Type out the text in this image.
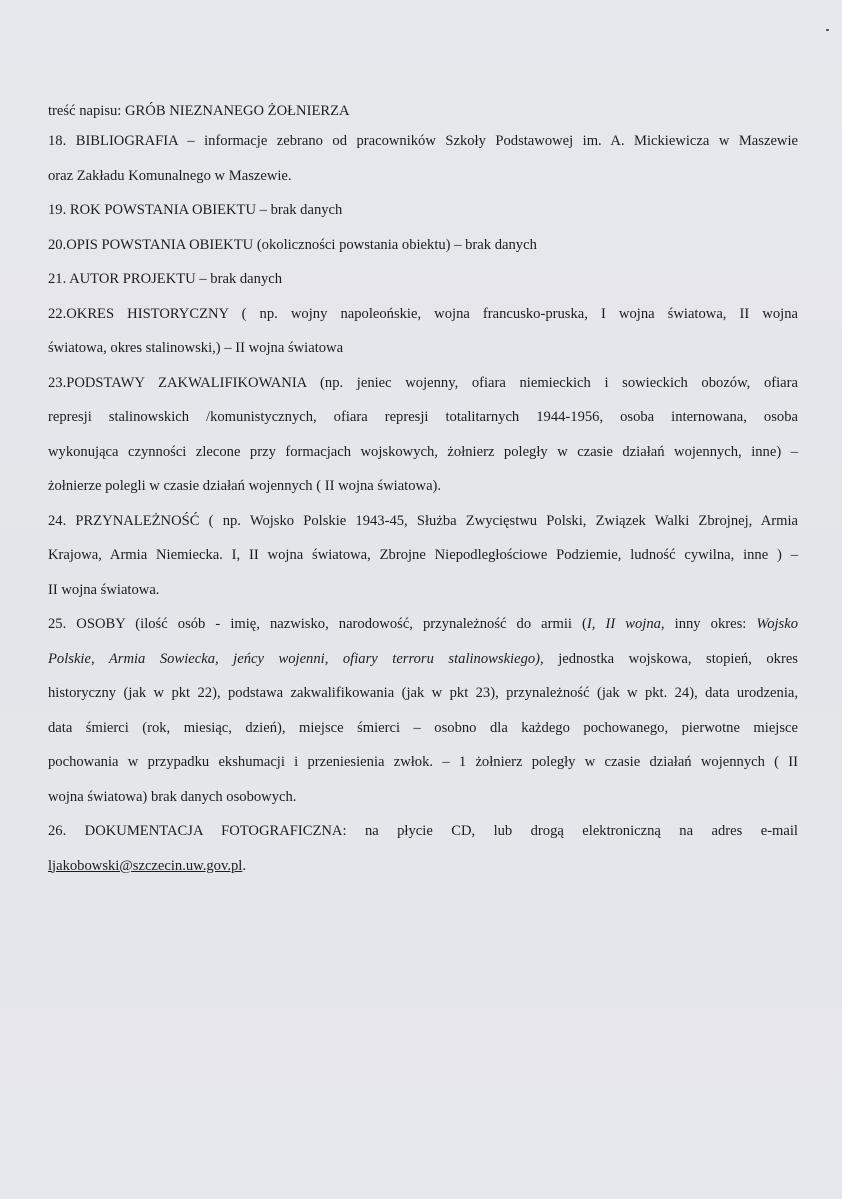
treść napisu: GRÓB NIEZNANEGO ŻOŁNIERZA
18. BIBLIOGRAFIA – informacje zebrano od pracowników Szkoły Podstawowej im. A. Mickiewicza w Maszewie
oraz Zakładu Komunalnego w Maszewie.
19. ROK POWSTANIA OBIEKTU – brak danych
20.OPIS POWSTANIA OBIEKTU (okoliczności powstania obiektu) – brak danych
21. AUTOR PROJEKTU – brak danych
22.OKRES HISTORYCZNY ( np. wojny napoleońskie, wojna francusko-pruska, I wojna światowa, II wojna
światowa, okres stalinowski,) – II wojna światowa
23.PODSTAWY ZAKWALIFIKOWANIA (np. jeniec wojenny, ofiara niemieckich i sowieckich obozów, ofiara
represji stalinowskich /komunistycznych, ofiara represji totalitarnych 1944-1956, osoba internowana, osoba
wykonująca czynności zlecone przy formacjach wojskowych, żołnierz poległy w czasie działań wojennych, inne) –
żołnierze polegli w czasie działań wojennych ( II wojna światowa).
24. PRZYNALEŻNOŚĆ ( np. Wojsko Polskie 1943-45, Służba Zwycięstwu Polski, Związek Walki Zbrojnej, Armia
Krajowa, Armia Niemiecka. I, II wojna światowa, Zbrojne Niepodległościowe Podziemie, ludność cywilna, inne ) –
II wojna światowa.
25. OSOBY (ilość osób - imię, nazwisko, narodowość, przynależność do armii (I, II wojna, inny okres: Wojsko
Polskie, Armia Sowiecka, jeńcy wojenni, ofiary terroru stalinowskiego), jednostka wojskowa, stopień, okres
historyczny (jak w pkt 22), podstawa zakwalifikowania (jak w pkt 23), przynależność (jak w pkt. 24), data urodzenia,
data śmierci (rok, miesiąc, dzień), miejsce śmierci – osobno dla każdego pochowanego, pierwotne miejsce
pochowania w przypadku ekshumacji i przeniesienia zwłok. – 1 żołnierz poległy w czasie działań wojennych ( II
wojna światowa) brak danych osobowych.
26. DOKUMENTACJA FOTOGRAFICZNA: na płycie CD, lub drogą elektroniczną na adres e-mail
ljakobowski@szczecin.uw.gov.pl.
